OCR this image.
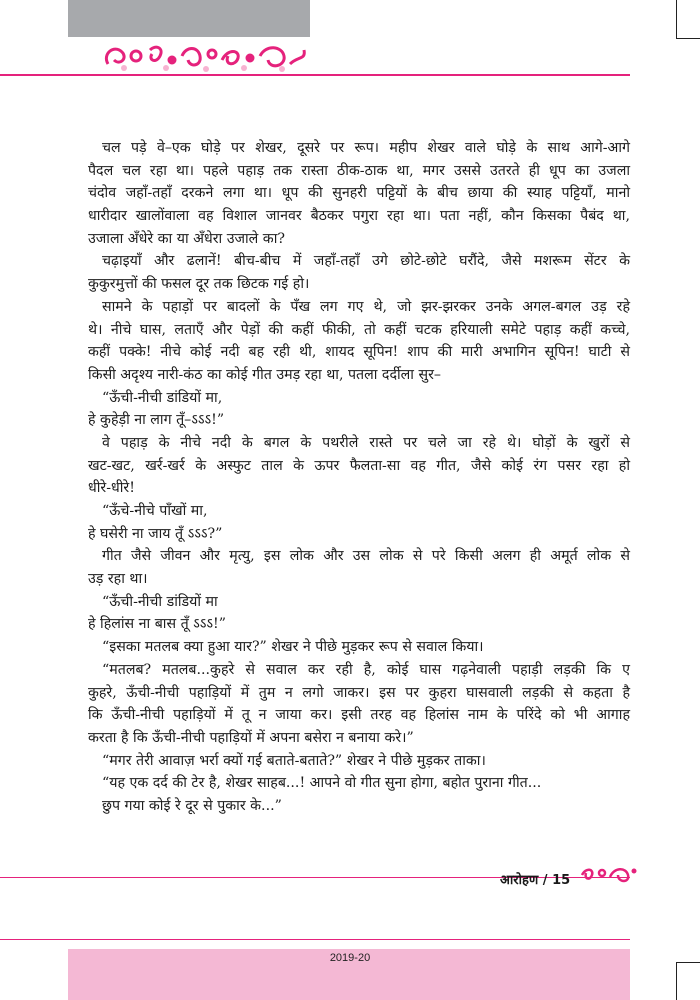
चल पड़े वे–एक घोड़े पर शेखर, दूसरे पर रूप। महीप शेखर वाले घोड़े के साथ आगे-आगे
पैदल चल रहा था। पहले पहाड़ तक रास्ता ठीक-ठाक था, मगर उससे उतरते ही धूप का उजला
चंदोव जहाँ-तहाँ दरकने लगा था। धूप की सुनहरी पट्टियों के बीच छाया की स्याह पट्टियाँ, मानो
धारीदार खालोंवाला वह विशाल जानवर बैठकर पगुरा रहा था। पता नहीं, कौन किसका पैबंद था,
उजाला अँधेरे का या अँधेरा उजाले का?
चढ़ाइयाँ और ढलानें! बीच-बीच में जहाँ-तहाँ उगे छोटे-छोटे घरौंदे, जैसे मशरूम सेंटर के
कुकुरमुत्तों की फसल दूर तक छिटक गई हो।
सामने के पहाड़ों पर बादलों के पँख लग गए थे, जो झर-झरकर उनके अगल-बगल उड़ रहे
थे। नीचे घास, लताएँ और पेड़ों की कहीं फीकी, तो कहीं चटक हरियाली समेटे पहाड़ कहीं कच्चे,
कहीं पक्के! नीचे कोई नदी बह रही थी, शायद सूपिन! शाप की मारी अभागिन सूपिन! घाटी से
किसी अदृश्य नारी-कंठ का कोई गीत उमड़ रहा था, पतला दर्दीला सुर–
“ऊँची-नीची डांडियों मा,
हे कुहेड़ी ना लाग तूँ–ऽऽऽ!”
वे पहाड़ के नीचे नदी के बगल के पथरीले रास्ते पर चले जा रहे थे। घोड़ों के खुरों से
खट-खट, खर्र-खर्र के अस्फुट ताल के ऊपर फैलता-सा वह गीत, जैसे कोई रंग पसर रहा हो
धीरे-धीरे!
“ऊँचे-नीचे पाँखों मा,
हे घसेरी ना जाय तूँ ऽऽऽ?”
गीत जैसे जीवन और मृत्यु, इस लोक और उस लोक से परे किसी अलग ही अमूर्त लोक से
उड़ रहा था।
“ऊँची-नीची डांडियों मा
हे हिलांस ना बास तूँ ऽऽऽ!”
“इसका मतलब क्या हुआ यार?” शेखर ने पीछे मुड़कर रूप से सवाल किया।
“मतलब? मतलब...कुहरे से सवाल कर रही है, कोई घास गढ़नेवाली पहाड़ी लड़की कि ए
कुहरे, ऊँची-नीची पहाड़ियों में तुम न लगो जाकर। इस पर कुहरा घासवाली लड़की से कहता है
कि ऊँची-नीची पहाड़ियों में तू न जाया कर। इसी तरह वह हिलांस नाम के परिंदे को भी आगाह
करता है कि ऊँची-नीची पहाड़ियों में अपना बसेरा न बनाया करे।”
“मगर तेरी आवाज़ भर्रा क्यों गई बताते-बताते?” शेखर ने पीछे मुड़कर ताका।
“यह एक दर्द की टेर है, शेखर साहब...! आपने वो गीत सुना होगा, बहोत पुराना गीत...
छुप गया कोई रे दूर से पुकार के...”
आरोहण / 15
2019-20
